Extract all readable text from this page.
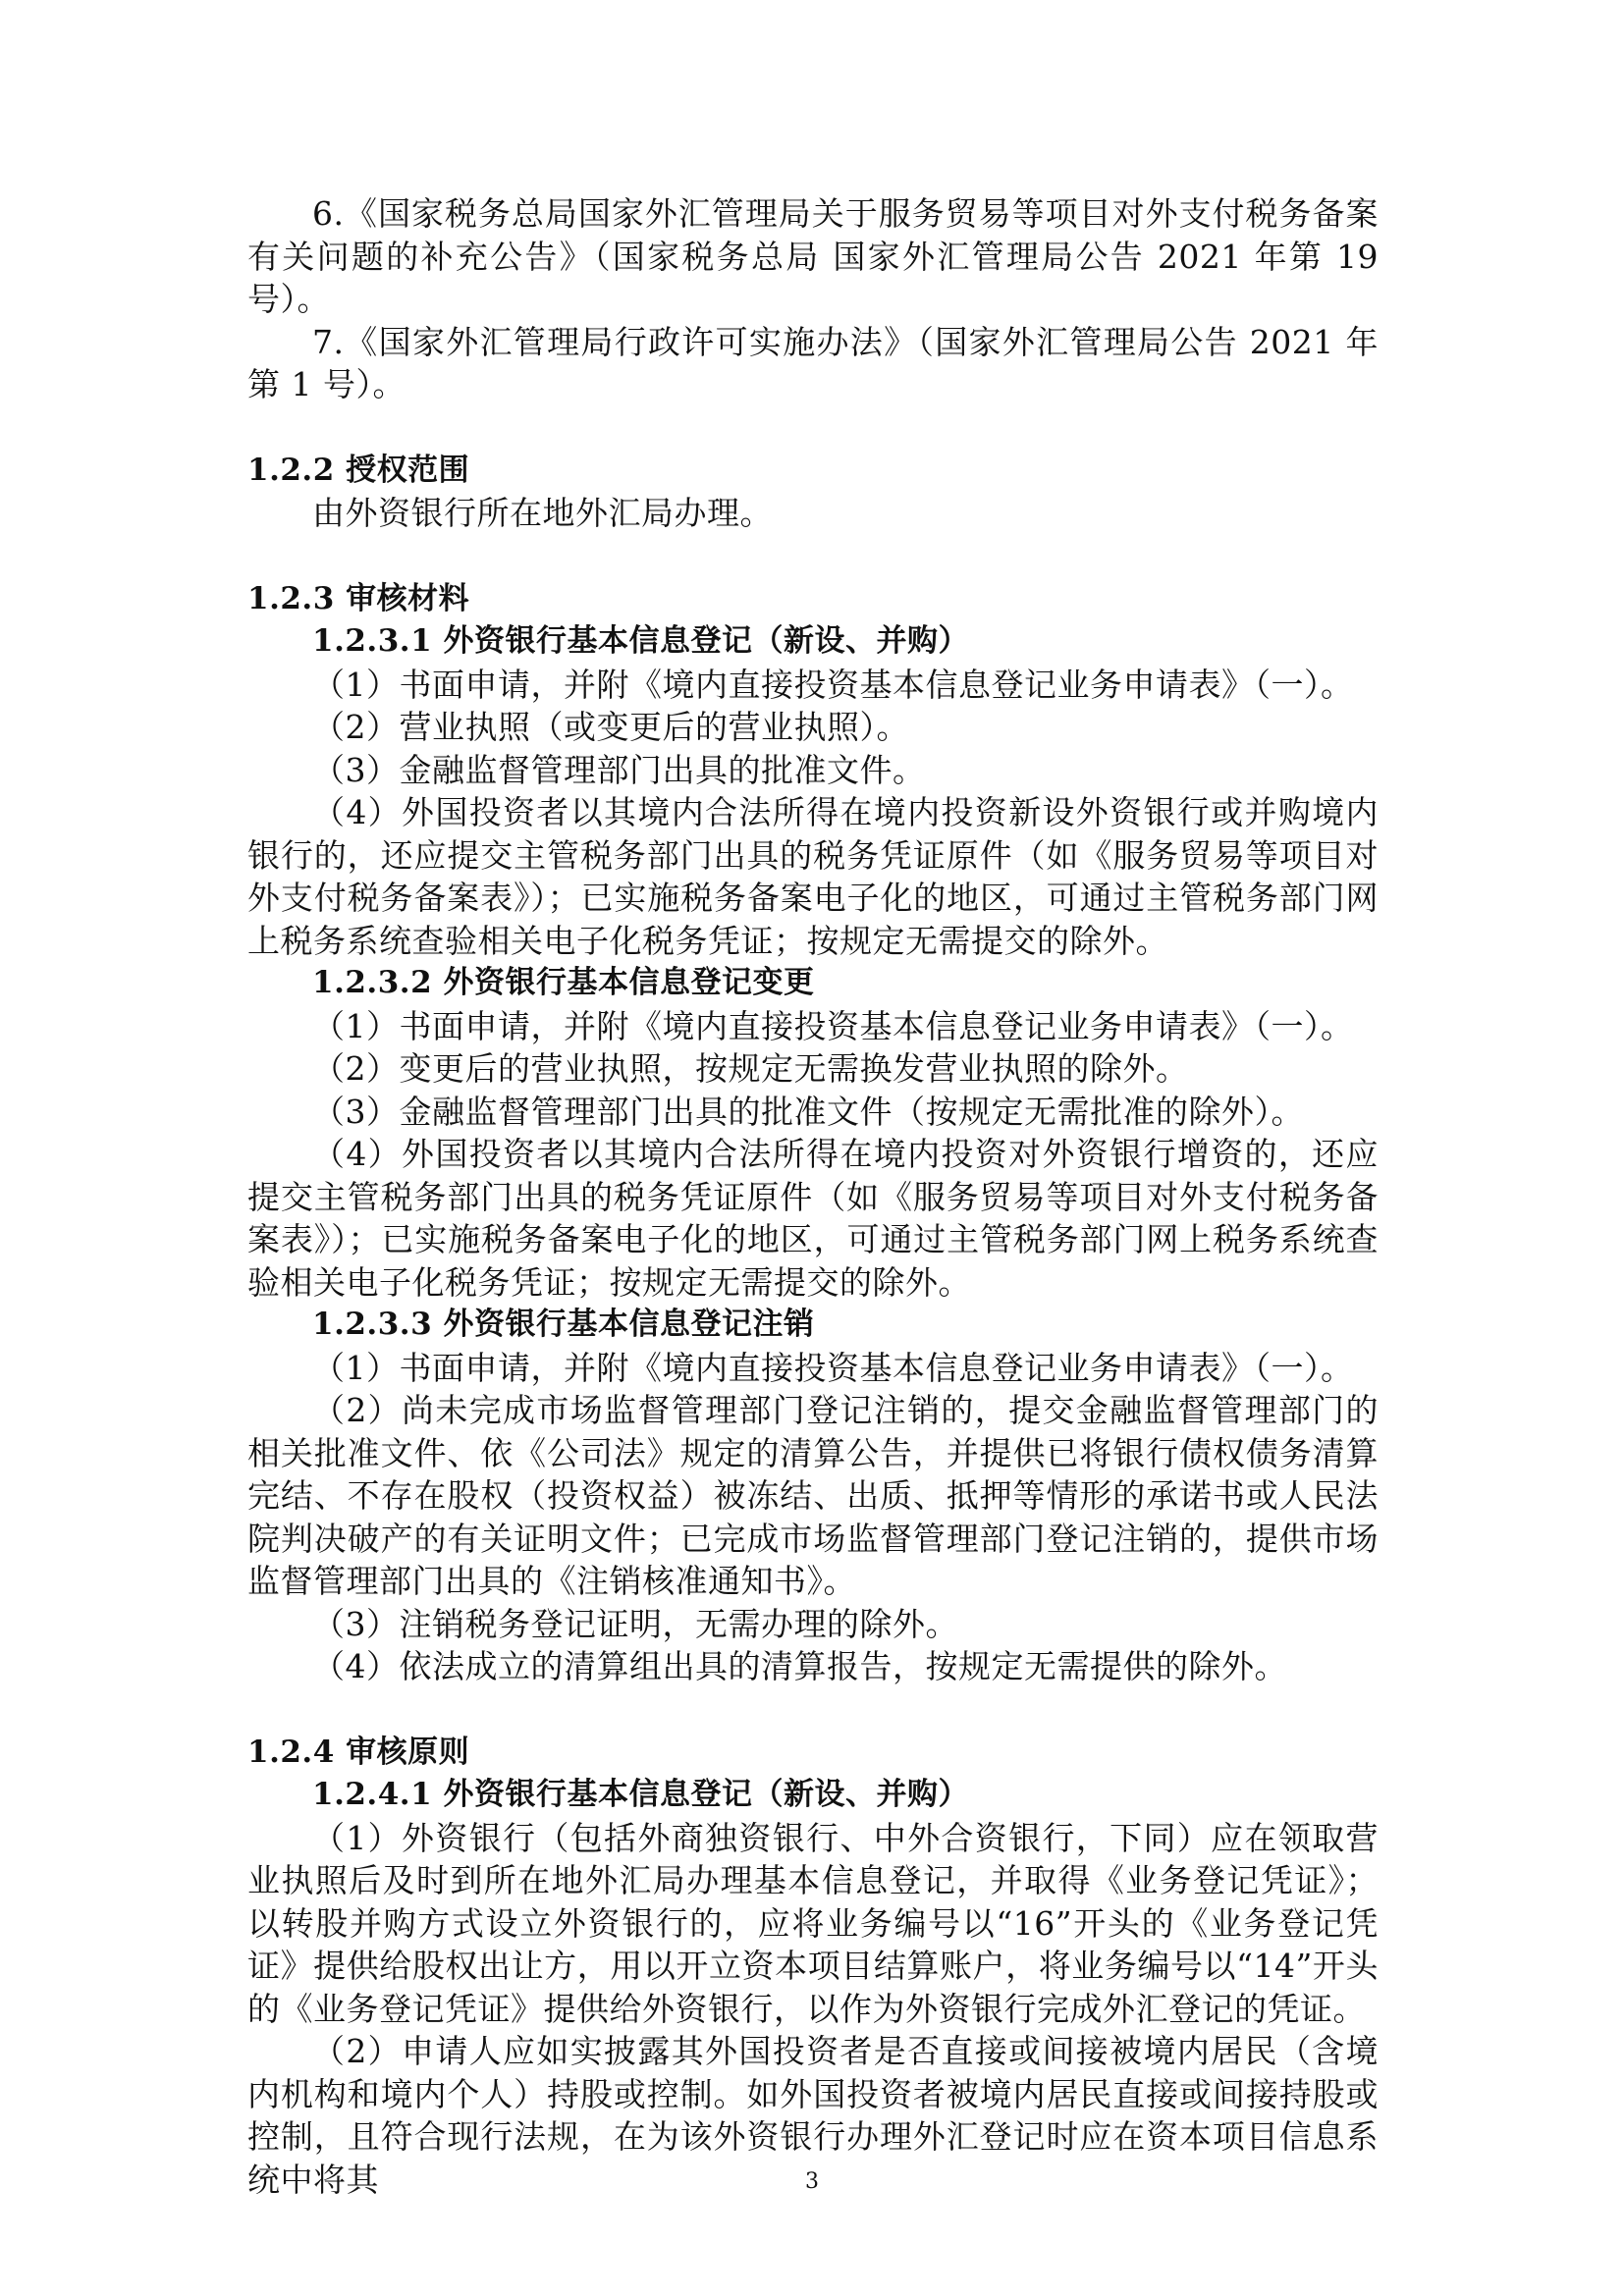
6.《国家税务总局国家外汇管理局关于服务贸易等项目对外支付税务备案有关问题的补充公告》（国家税务总局 国家外汇管理局公告 2021 年第 19 号）。

7.《国家外汇管理局行政许可实施办法》（国家外汇管理局公告 2021 年第 1 号）。

1.2.2 授权范围

由外资银行所在地外汇局办理。

1.2.3 审核材料
1.2.3.1 外资银行基本信息登记（新设、并购）

（1）书面申请，并附《境内直接投资基本信息登记业务申请表》（一）。

（2）营业执照（或变更后的营业执照）。

（3）金融监督管理部门出具的批准文件。

（4）外国投资者以其境内合法所得在境内投资新设外资银行或并购境内银行的，还应提交主管税务部门出具的税务凭证原件（如《服务贸易等项目对外支付税务备案表》）；已实施税务备案电子化的地区，可通过主管税务部门网上税务系统查验相关电子化税务凭证；按规定无需提交的除外。

1.2.3.2 外资银行基本信息登记变更

（1）书面申请，并附《境内直接投资基本信息登记业务申请表》（一）。

（2）变更后的营业执照，按规定无需换发营业执照的除外。

（3）金融监督管理部门出具的批准文件（按规定无需批准的除外）。

（4）外国投资者以其境内合法所得在境内投资对外资银行增资的，还应提交主管税务部门出具的税务凭证原件（如《服务贸易等项目对外支付税务备案表》）；已实施税务备案电子化的地区，可通过主管税务部门网上税务系统查验相关电子化税务凭证；按规定无需提交的除外。

1.2.3.3 外资银行基本信息登记注销

（1）书面申请，并附《境内直接投资基本信息登记业务申请表》（一）。

（2）尚未完成市场监督管理部门登记注销的，提交金融监督管理部门的相关批准文件、依《公司法》规定的清算公告，并提供已将银行债权债务清算完结、不存在股权（投资权益）被冻结、出质、抵押等情形的承诺书或人民法院判决破产的有关证明文件；已完成市场监督管理部门登记注销的，提供市场监督管理部门出具的《注销核准通知书》。

（3）注销税务登记证明，无需办理的除外。

（4）依法成立的清算组出具的清算报告，按规定无需提供的除外。

1.2.4 审核原则
1.2.4.1 外资银行基本信息登记（新设、并购）

（1）外资银行（包括外商独资银行、中外合资银行，下同）应在领取营业执照后及时到所在地外汇局办理基本信息登记，并取得《业务登记凭证》；以转股并购方式设立外资银行的，应将业务编号以“16”开头的《业务登记凭证》提供给股权出让方，用以开立资本项目结算账户，将业务编号以“14”开头的《业务登记凭证》提供给外资银行，以作为外资银行完成外汇登记的凭证。

（2）申请人应如实披露其外国投资者是否直接或间接被境内居民（含境内机构和境内个人）持股或控制。如外国投资者被境内居民直接或间接持股或控制，且符合现行法规，在为该外资银行办理外汇登记时应在资本项目信息系统中将其	3
